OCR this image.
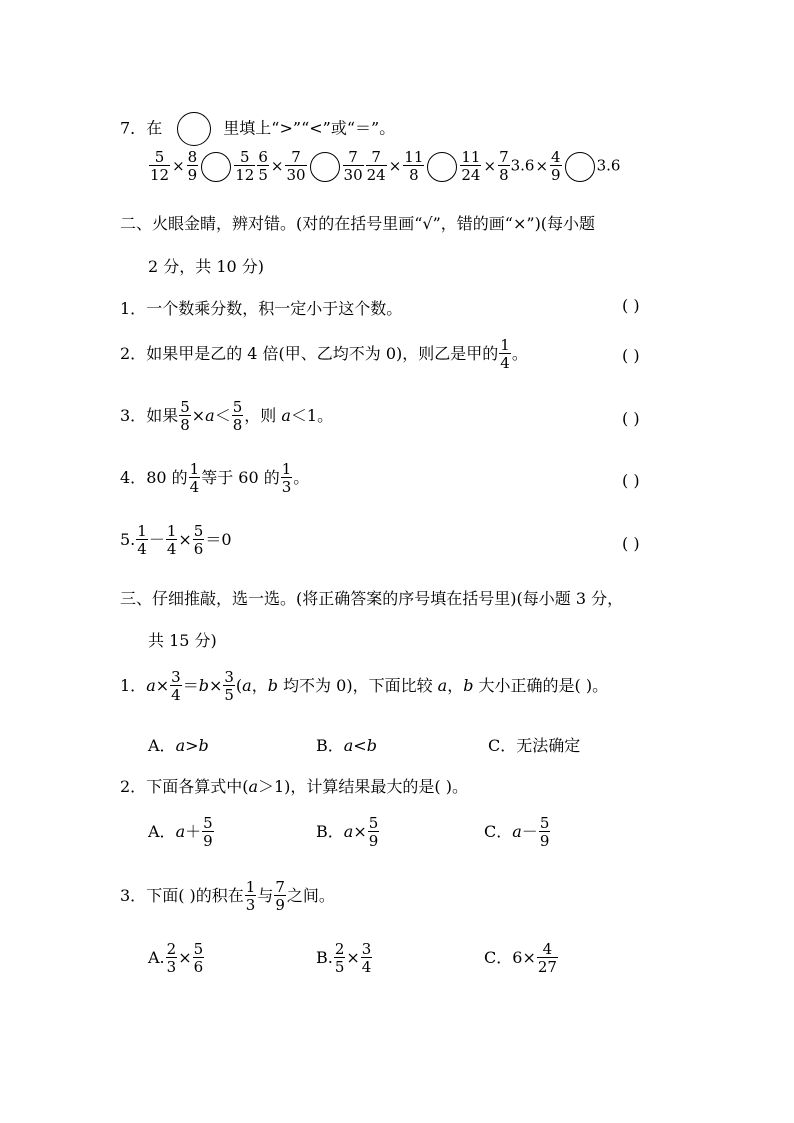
7．在	里填上“>”“<”或“＝”。
$\frac{5}{12} \times \frac{8}{9} \frac{5}{12} \frac{6}{5} \times \frac{7}{30} \frac{7}{30} \frac{7}{24} \times \frac{11}{8} \frac{11}{24} \times \frac{7}{8} 3.6\times \frac{4}{9} 3.6$
二、火眼金睛，辨对错。(对的在括号里画“√”，错的画“×”)(每小题
2 分，共 10 分)
1．一个数乘分数，积一定小于这个数。	( )
2．如果甲是乙的 4 倍(甲、乙均不为 0)，则乙是甲的 $\frac{1}{4}$ 。	( )
3．如果 $\frac{5}{8} \times a< \frac{5}{8}$ ，则 a＜1。	( )
4．80 的 $\frac{1}{4}$ 等于 60 的 $\frac{1}{3}$ 。	( )
5. $\frac{1}{4} - \frac{1}{4} \times \frac{5}{6} =0$	( )
三、仔细推敲，选一选。(将正确答案的序号填在括号里)(每小题 3 分，
共 15 分)
1．$a\times \frac{3}{4} =b\times \frac{3}{5} (a$，b 均不为 0)，下面比较 a，b 大小正确的是( )。
A．a>b	B．a<b	C．无法确定
2．下面各算式中(a＞1)，计算结果最大的是( )。
A．$a+ \frac{5}{9}$	B．$a\times \frac{5}{9}$	C．$a- \frac{5}{9}$
3．下面( )的积在 $\frac{1}{3}$ 与 $\frac{7}{9}$ 之间。
A. $\frac{2}{3} \times \frac{5}{6}$	B. $\frac{2}{5} \times \frac{3}{4}$	C．$6\times \frac{4}{27}$
